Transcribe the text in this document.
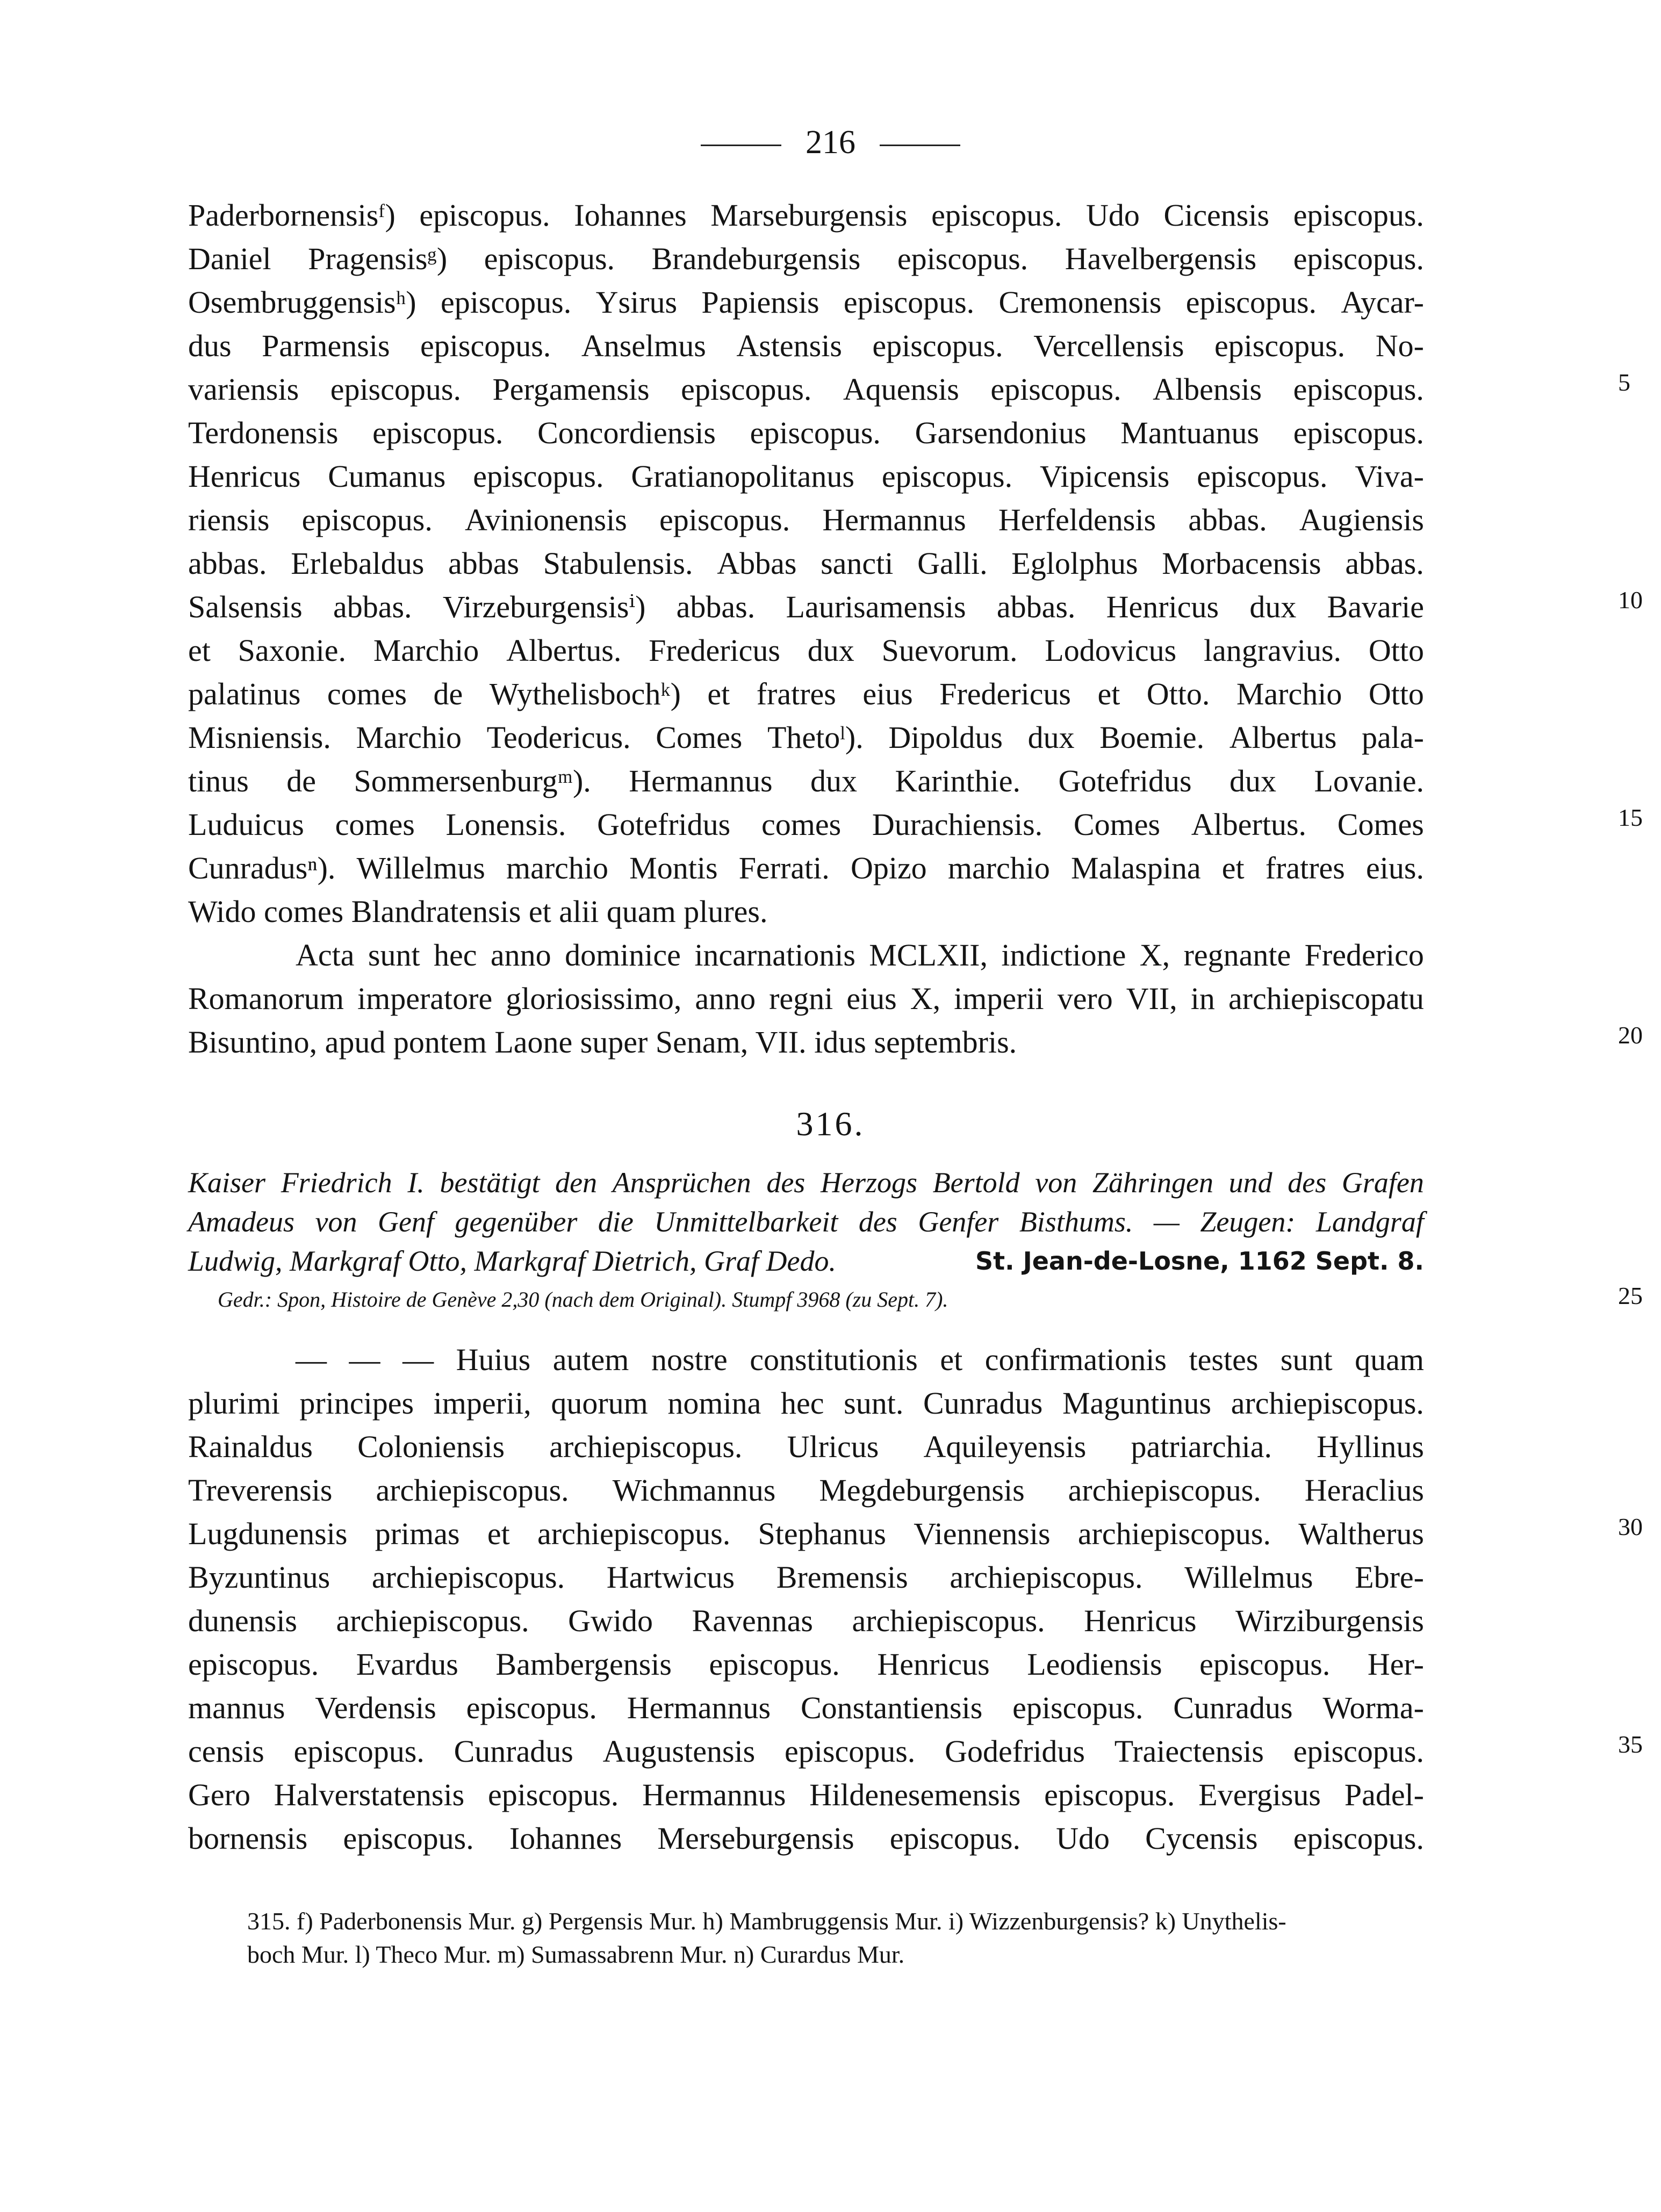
216
Paderbornensisᶠ) episcopus. Iohannes Marseburgensis episcopus. Udo Cicensis episcopus.
Daniel Pragensisᵍ) episcopus. Brandeburgensis episcopus. Havelbergensis episcopus.
Osembruggensisʰ) episcopus. Ysirus Papiensis episcopus. Cremonensis episcopus. Aycar-
dus Parmensis episcopus. Anselmus Astensis episcopus. Vercellensis episcopus. No-
variensis episcopus. Pergamensis episcopus. Aquensis episcopus. Albensis episcopus.
Terdonensis episcopus. Concordiensis episcopus. Garsendonius Mantuanus episcopus.
Henricus Cumanus episcopus. Gratianopolitanus episcopus. Vipicensis episcopus. Viva-
riensis episcopus. Avinionensis episcopus. Hermannus Herfeldensis abbas. Augiensis
abbas. Erlebaldus abbas Stabulensis. Abbas sancti Galli. Eglolphus Morbacensis abbas.
Salsensis abbas. Virzeburgensisⁱ) abbas. Laurisamensis abbas. Henricus dux Bavarie
et Saxonie. Marchio Albertus. Fredericus dux Suevorum. Lodovicus langravius. Otto
palatinus comes de Wythelisbochᵏ) et fratres eius Fredericus et Otto. Marchio Otto
Misniensis. Marchio Teodericus. Comes Thetoˡ). Dipoldus dux Boemie. Albertus pala-
tinus de Sommersenburgᵐ). Hermannus dux Karinthie. Gotefridus dux Lovanie.
Luduicus comes Lonensis. Gotefridus comes Durachiensis. Comes Albertus. Comes
Cunradusⁿ). Willelmus marchio Montis Ferrati. Opizo marchio Malaspina et fratres eius.
Wido comes Blandratensis et alii quam plures.
Acta sunt hec anno dominice incarnationis MCLXII, indictione X, regnante Frederico
Romanorum imperatore gloriosissimo, anno regni eius X, imperii vero VII, in archiepiscopatu
Bisuntino, apud pontem Laone super Senam, VII. idus septembris.
5
10
15
20
316.
Kaiser Friedrich I. bestätigt den Ansprüchen des Herzogs Bertold von Zähringen und des Grafen
Amadeus von Genf gegenüber die Unmittelbarkeit des Genfer Bisthums. — Zeugen: Landgraf
Ludwig, Markgraf Otto, Markgraf Dietrich, Graf Dedo.	St. Jean-de-Losne, 1162 Sept. 8.
Gedr.: Spon, Histoire de Genève 2,30 (nach dem Original). Stumpf 3968 (zu Sept. 7).	25
— — — Huius autem nostre constitutionis et confirmationis testes sunt quam
plurimi principes imperii, quorum nomina hec sunt. Cunradus Maguntinus archiepiscopus.
Rainaldus Coloniensis archiepiscopus. Ulricus Aquileyensis patriarchia. Hyllinus
Treverensis archiepiscopus. Wichmannus Megdeburgensis archiepiscopus. Heraclius
Lugdunensis primas et archiepiscopus. Stephanus Viennensis archiepiscopus. Waltherus
Byzuntinus archiepiscopus. Hartwicus Bremensis archiepiscopus. Willelmus Ebre-
dunensis archiepiscopus. Gwido Ravennas archiepiscopus. Henricus Wirziburgensis
episcopus. Evardus Bambergensis episcopus. Henricus Leodiensis episcopus. Her-
mannus Verdensis episcopus. Hermannus Constantiensis episcopus. Cunradus Worma-
censis episcopus. Cunradus Augustensis episcopus. Godefridus Traiectensis episcopus.
Gero Halverstatensis episcopus. Hermannus Hildenesemensis episcopus. Evergisus Padel-
bornensis episcopus. Iohannes Merseburgensis episcopus. Udo Cycensis episcopus.
30
35
315. f) Paderbonensis Mur. g) Pergensis Mur. h) Mambruggensis Mur. i) Wizzenburgensis? k) Unythelis-
boch Mur. l) Theco Mur. m) Sumassabrenn Mur. n) Curardus Mur.
